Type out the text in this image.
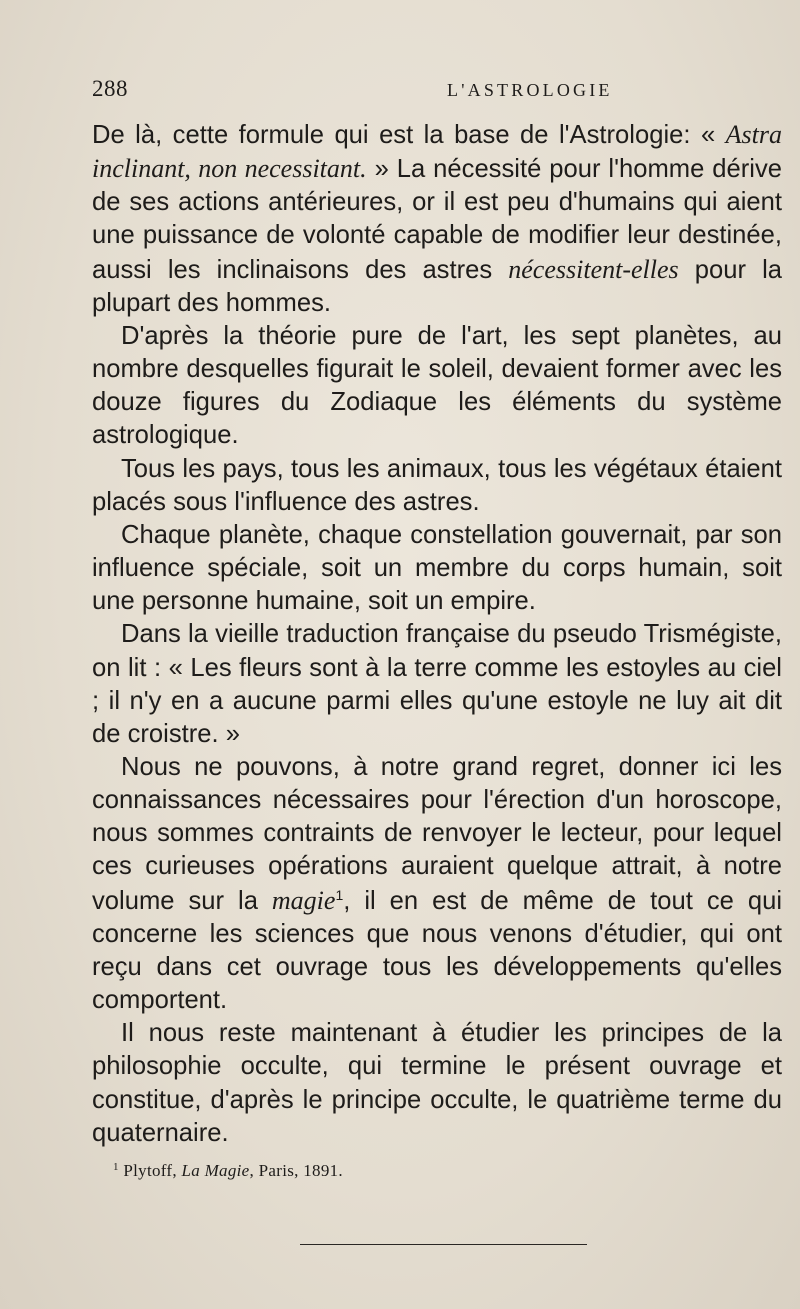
288	L'ASTROLOGIE

De là, cette formule qui est la base de l'Astrologie: « Astra inclinant, non necessitant. » La nécessité pour l'homme dérive de ses actions antérieures, or il est peu d'humains qui aient une puissance de volonté capable de modifier leur destinée, aussi les inclinaisons des astres nécessitent-elles pour la plupart des hommes.

D'après la théorie pure de l'art, les sept planètes, au nombre desquelles figurait le soleil, devaient former avec les douze figures du Zodiaque les éléments du système astrologique.

Tous les pays, tous les animaux, tous les végétaux étaient placés sous l'influence des astres.

Chaque planète, chaque constellation gouvernait, par son influence spéciale, soit un membre du corps humain, soit une personne humaine, soit un empire.

Dans la vieille traduction française du pseudo Trismégiste, on lit : « Les fleurs sont à la terre comme les estoyles au ciel ; il n'y en a aucune parmi elles qu'une estoyle ne luy ait dit de croistre. »

Nous ne pouvons, à notre grand regret, donner ici les connaissances nécessaires pour l'érection d'un horoscope, nous sommes contraints de renvoyer le lecteur, pour lequel ces curieuses opérations auraient quelque attrait, à notre volume sur la magie$^1$, il en est de même de tout ce qui concerne les sciences que nous venons d'étudier, qui ont reçu dans cet ouvrage tous les développements qu'elles comportent.

Il nous reste maintenant à étudier les principes de la philosophie occulte, qui termine le présent ouvrage et constitue, d'après le principe occulte, le quatrième terme du quaternaire.

$^1$ Plytoff, La Magie, Paris, 1891.
